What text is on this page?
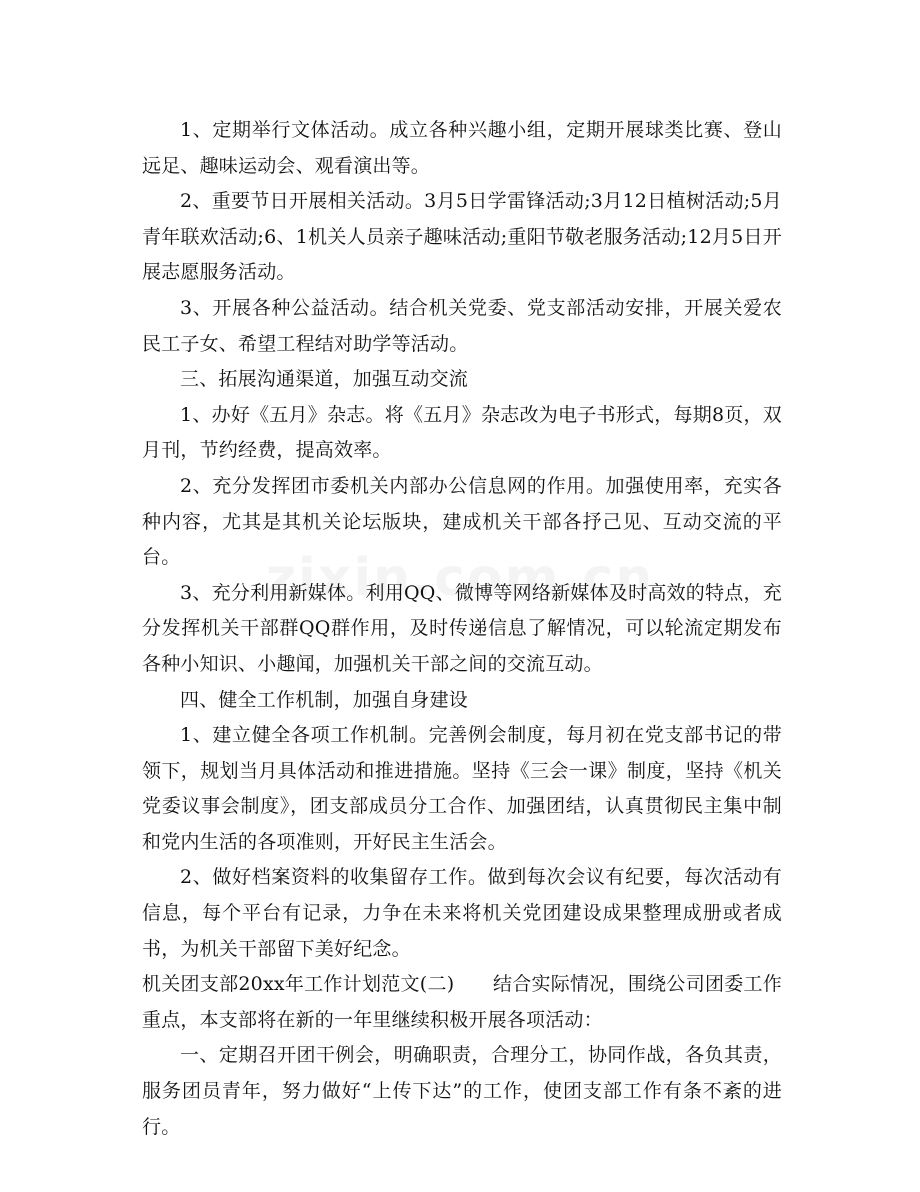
1、定期举行文体活动。成立各种兴趣小组，定期开展球类比赛、登山远足、趣味运动会、观看演出等。

2、重要节日开展相关活动。3月5日学雷锋活动;3月12日植树活动;5月青年联欢活动;6、1机关人员亲子趣味活动;重阳节敬老服务活动;12月5日开展志愿服务活动。

3、开展各种公益活动。结合机关党委、党支部活动安排，开展关爱农民工子女、希望工程结对助学等活动。

三、拓展沟通渠道，加强互动交流

1、办好《五月》杂志。将《五月》杂志改为电子书形式，每期8页，双月刊，节约经费，提高效率。

2、充分发挥团市委机关内部办公信息网的作用。加强使用率，充实各种内容，尤其是其机关论坛版块，建成机关干部各抒己见、互动交流的平台。

3、充分利用新媒体。利用QQ、微博等网络新媒体及时高效的特点，充分发挥机关干部群QQ群作用，及时传递信息了解情况，可以轮流定期发布各种小知识、小趣闻，加强机关干部之间的交流互动。

四、健全工作机制，加强自身建设

1、建立健全各项工作机制。完善例会制度，每月初在党支部书记的带领下，规划当月具体活动和推进措施。坚持《三会一课》制度，坚持《机关党委议事会制度》，团支部成员分工合作、加强团结，认真贯彻民主集中制和党内生活的各项准则，开好民主生活会。

2、做好档案资料的收集留存工作。做到每次会议有纪要，每次活动有信息，每个平台有记录，力争在未来将机关党团建设成果整理成册或者成书，为机关干部留下美好纪念。

机关团支部20xx年工作计划范文(二)　　结合实际情况，围绕公司团委工作重点，本支部将在新的一年里继续积极开展各项活动：

一、定期召开团干例会，明确职责，合理分工，协同作战，各负其责，服务团员青年，努力做好“上传下达”的工作，使团支部工作有条不紊的进行。
